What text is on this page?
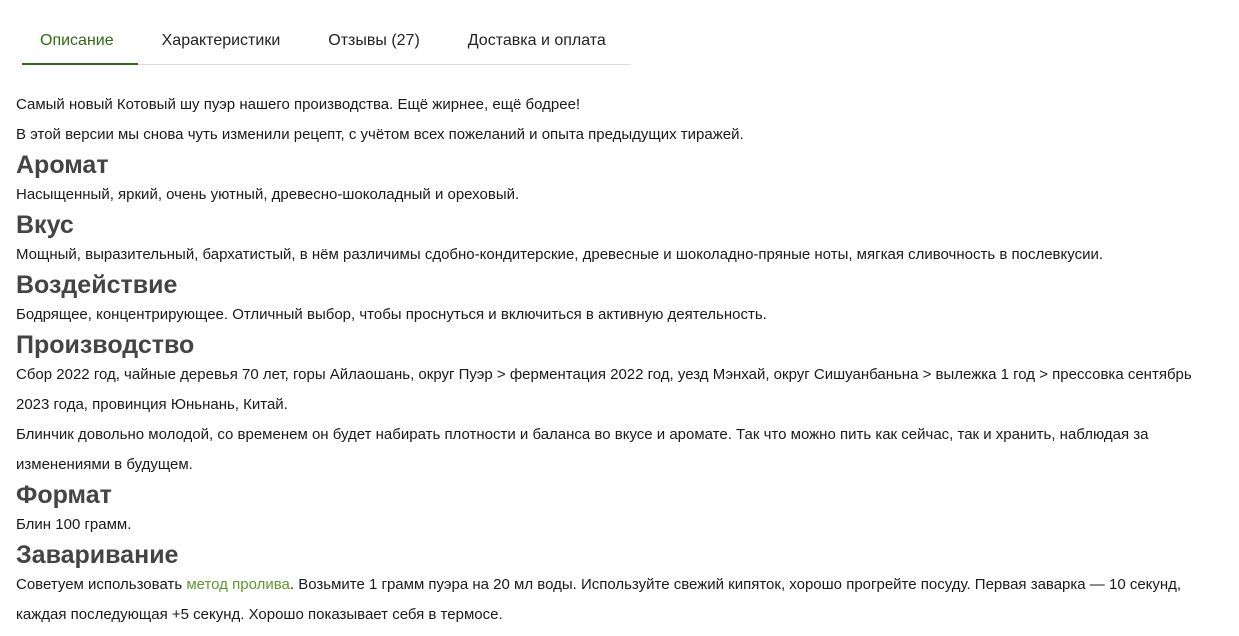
Описание	Характеристики	Отзывы (27)	Доставка и оплата

Самый новый Котовый шу пуэр нашего производства. Ещё жирнее, ещё бодрее!

В этой версии мы снова чуть изменили рецепт, с учётом всех пожеланий и опыта предыдущих тиражей.

Аромат

Насыщенный, яркий, очень уютный, древесно-шоколадный и ореховый.

Вкус

Мощный, выразительный, бархатистый, в нём различимы сдобно-кондитерские, древесные и шоколадно-пряные ноты, мягкая сливочность в послевкусии.

Воздействие

Бодрящее, концентрирующее. Отличный выбор, чтобы проснуться и включиться в активную деятельность.

Производство

Сбор 2022 год, чайные деревья 70 лет, горы Айлаошань, округ Пуэр > ферментация 2022 год, уезд Мэнхай, округ Сишуанбаньна > вылежка 1 год > прессовка сентябрь 2023 года, провинция Юньнань, Китай.

Блинчик довольно молодой, со временем он будет набирать плотности и баланса во вкусе и аромате. Так что можно пить как сейчас, так и хранить, наблюдая за изменениями в будущем.

Формат

Блин 100 грамм.

Заваривание

Советуем использовать метод пролива. Возьмите 1 грамм пуэра на 20 мл воды. Используйте свежий кипяток, хорошо прогрейте посуду. Первая заварка — 10 секунд, каждая последующая +5 секунд. Хорошо показывает себя в термосе.
